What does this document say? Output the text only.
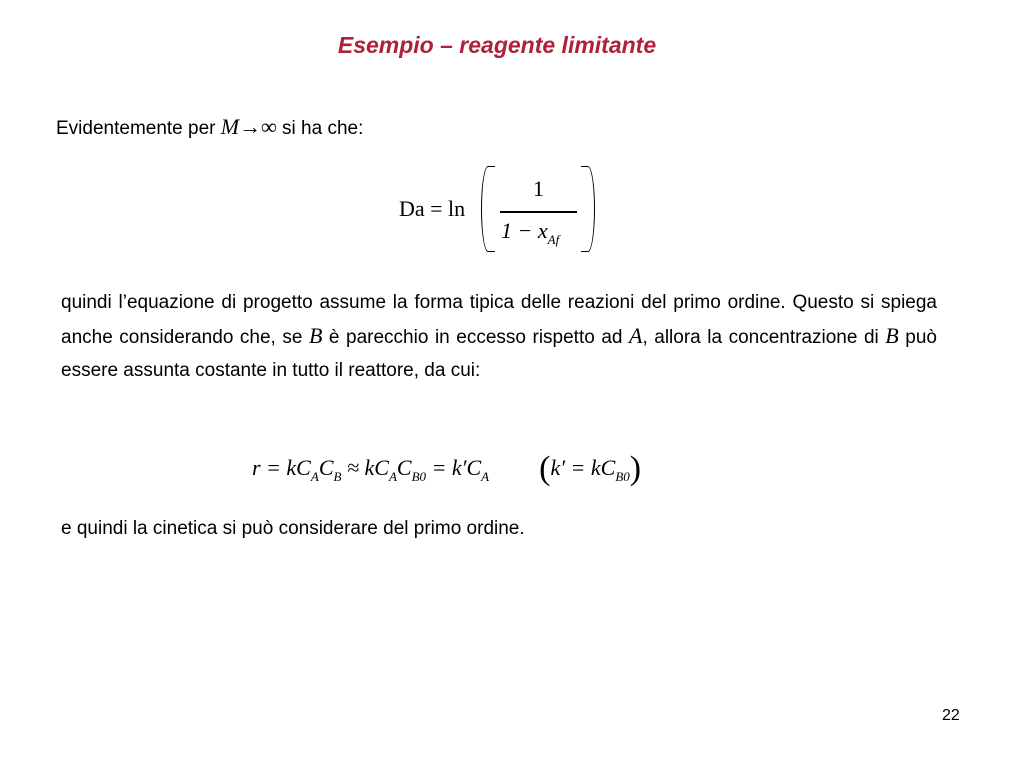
Esempio – reagente limitante
Evidentemente per M→∞ si ha che:
Da = ln
1
$1 - x_{Af}$
quindi l’equazione di progetto assume la forma tipica delle reazioni del primo ordine. Questo si spiega anche considerando che, se B è parecchio in eccesso rispetto ad A, allora la concentrazione di B può essere assunta costante in tutto il reattore, da cui:
$r = kC_AC_B \approx kC_AC_{B0} = k'C_A$ $(k' = kC_{B0})$
e quindi la cinetica si può considerare del primo ordine.
22
